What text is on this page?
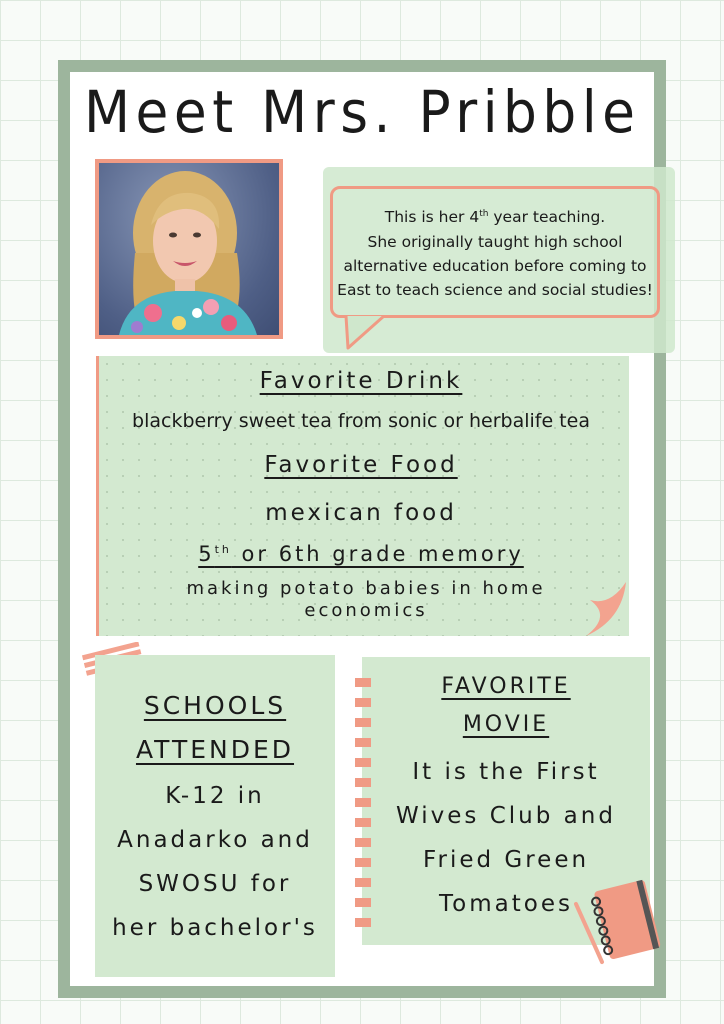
Meet Mrs. Pribble
This is her 4th year teaching.
She originally taught high school
alternative education before coming to
East to teach science and social studies!
Favorite Drink
blackberry sweet tea from sonic or herbalife tea
Favorite Food
mexican food
5th or 6th grade memory
making potato babies in home economics
SCHOOLS
ATTENDED
K-12 in
Anadarko and
SWOSU for
her bachelor's
FAVORITE
MOVIE
It is the First
Wives Club and
Fried Green
Tomatoes
